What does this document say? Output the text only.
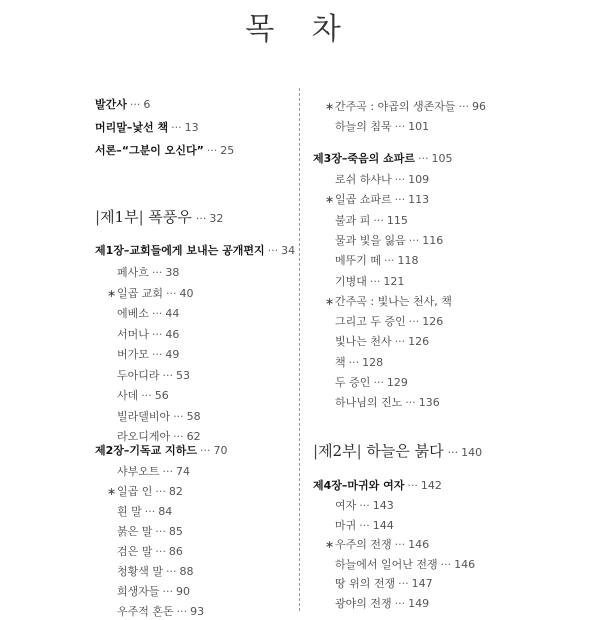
목 차
발간사 ··· 6
머리말–낯선 책 ··· 13
서론–“그분이 오신다” ··· 25
|제1부| 폭풍우 ··· 32
제1장–교회들에게 보내는 공개편지 ··· 34
페사흐 ··· 38
∗일곱 교회 ··· 40
에베소 ··· 44
서머나 ··· 46
버가모 ··· 49
두아디라 ··· 53
사데 ··· 56
빌라델비아 ··· 58
라오디게아 ··· 62
제2장–기독교 지하드 ··· 70
샤부오트 ··· 74
∗일곱 인 ··· 82
흰 말 ··· 84
붉은 말 ··· 85
검은 말 ··· 86
청황색 말 ··· 88
희생자들 ··· 90
우주적 혼돈 ··· 93
∗간주곡 : 야곱의 생존자들 ··· 96
하늘의 침묵 ··· 101
제3장–죽음의 쇼파르 ··· 105
로쉬 하샤나 ··· 109
∗일곱 쇼파르 ··· 113
불과 피 ··· 115
물과 빛을 잃음 ··· 116
메뚜기 떼 ··· 118
기병대 ··· 121
∗간주곡 : 빛나는 천사, 책
그리고 두 증인 ··· 126
빛나는 천사 ··· 126
책 ··· 128
두 증인 ··· 129
하나님의 진노 ··· 136
|제2부| 하늘은 붉다 ··· 140
제4장–마귀와 여자 ··· 142
여자 ··· 143
마귀 ··· 144
∗우주의 전쟁 ··· 146
하늘에서 일어난 전쟁 ··· 146
땅 위의 전쟁 ··· 147
광야의 전쟁 ··· 149
